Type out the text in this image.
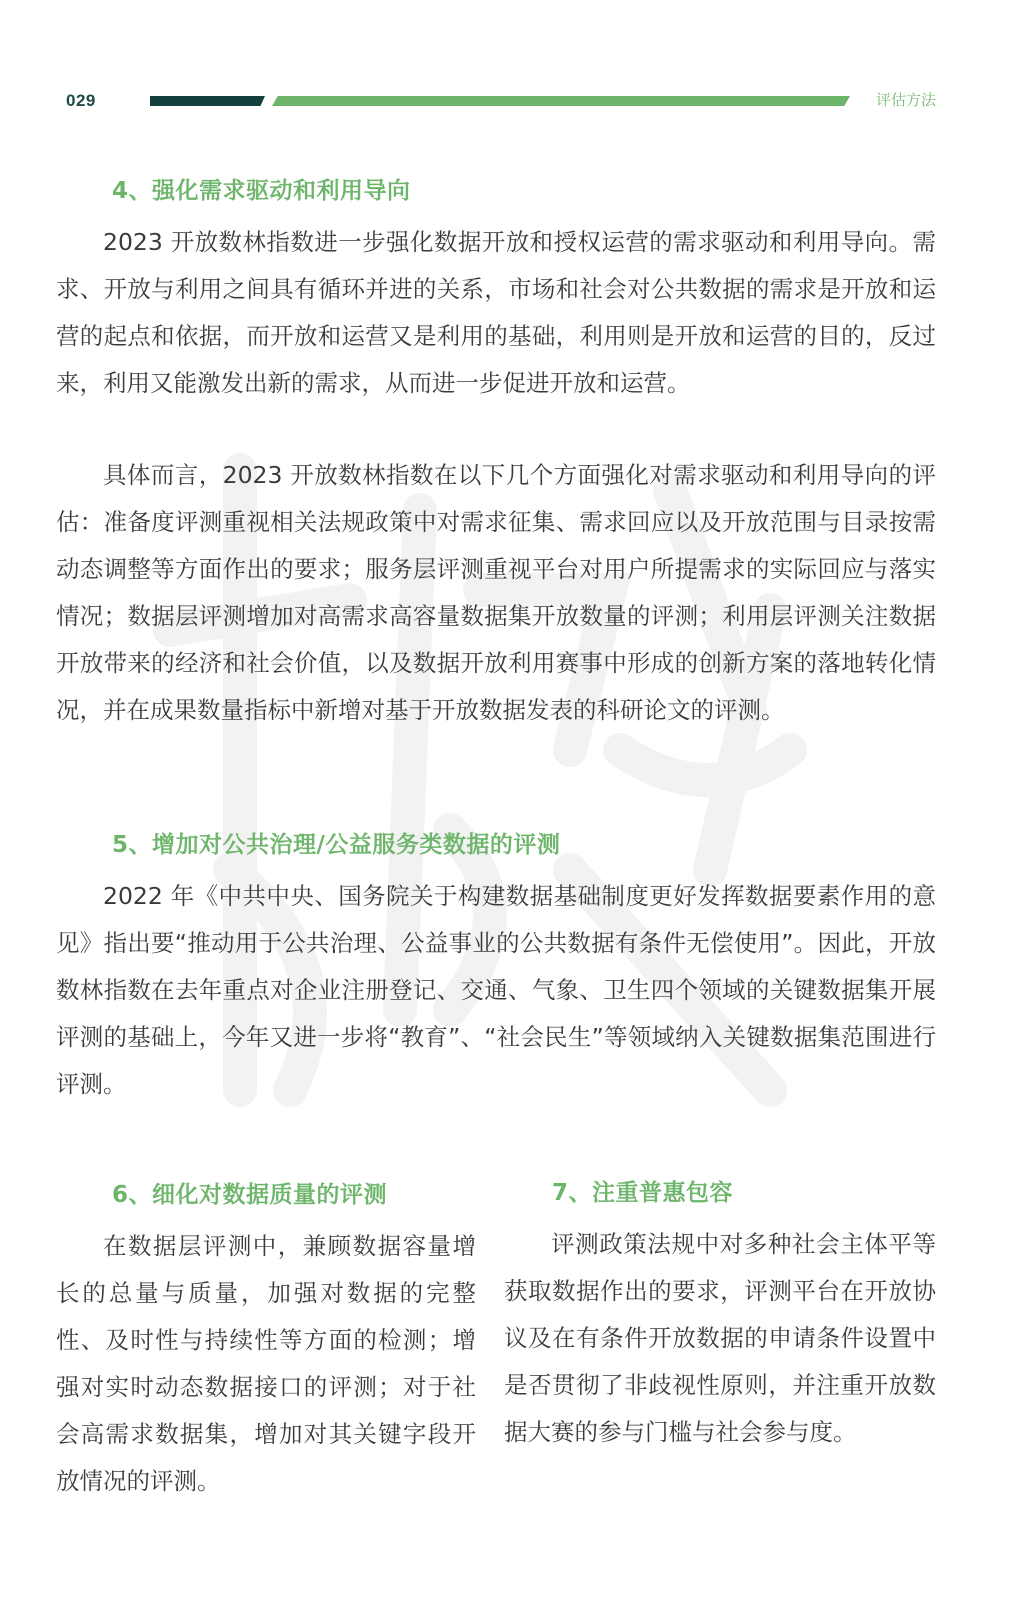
029	评估方法
4、强化需求驱动和利用导向

2023 开放数林指数进一步强化数据开放和授权运营的需求驱动和利用导向。需求、开放与利用之间具有循环并进的关系，市场和社会对公共数据的需求是开放和运营的起点和依据，而开放和运营又是利用的基础，利用则是开放和运营的目的，反过来，利用又能激发出新的需求，从而进一步促进开放和运营。

具体而言，2023 开放数林指数在以下几个方面强化对需求驱动和利用导向的评估：准备度评测重视相关法规政策中对需求征集、需求回应以及开放范围与目录按需动态调整等方面作出的要求；服务层评测重视平台对用户所提需求的实际回应与落实情况；数据层评测增加对高需求高容量数据集开放数量的评测；利用层评测关注数据开放带来的经济和社会价值，以及数据开放利用赛事中形成的创新方案的落地转化情况，并在成果数量指标中新增对基于开放数据发表的科研论文的评测。

5、增加对公共治理/公益服务类数据的评测

2022 年《中共中央、国务院关于构建数据基础制度更好发挥数据要素作用的意见》指出要“推动用于公共治理、公益事业的公共数据有条件无偿使用”。因此，开放数林指数在去年重点对企业注册登记、交通、气象、卫生四个领域的关键数据集开展评测的基础上，今年又进一步将“教育”、“社会民生”等领域纳入关键数据集范围进行评测。

6、细化对数据质量的评测

在数据层评测中，兼顾数据容量增长的总量与质量，加强对数据的完整性、及时性与持续性等方面的检测；增强对实时动态数据接口的评测；对于社会高需求数据集，增加对其关键字段开放情况的评测。

7、注重普惠包容

评测政策法规中对多种社会主体平等获取数据作出的要求，评测平台在开放协议及在有条件开放数据的申请条件设置中是否贯彻了非歧视性原则，并注重开放数据大赛的参与门槛与社会参与度。
